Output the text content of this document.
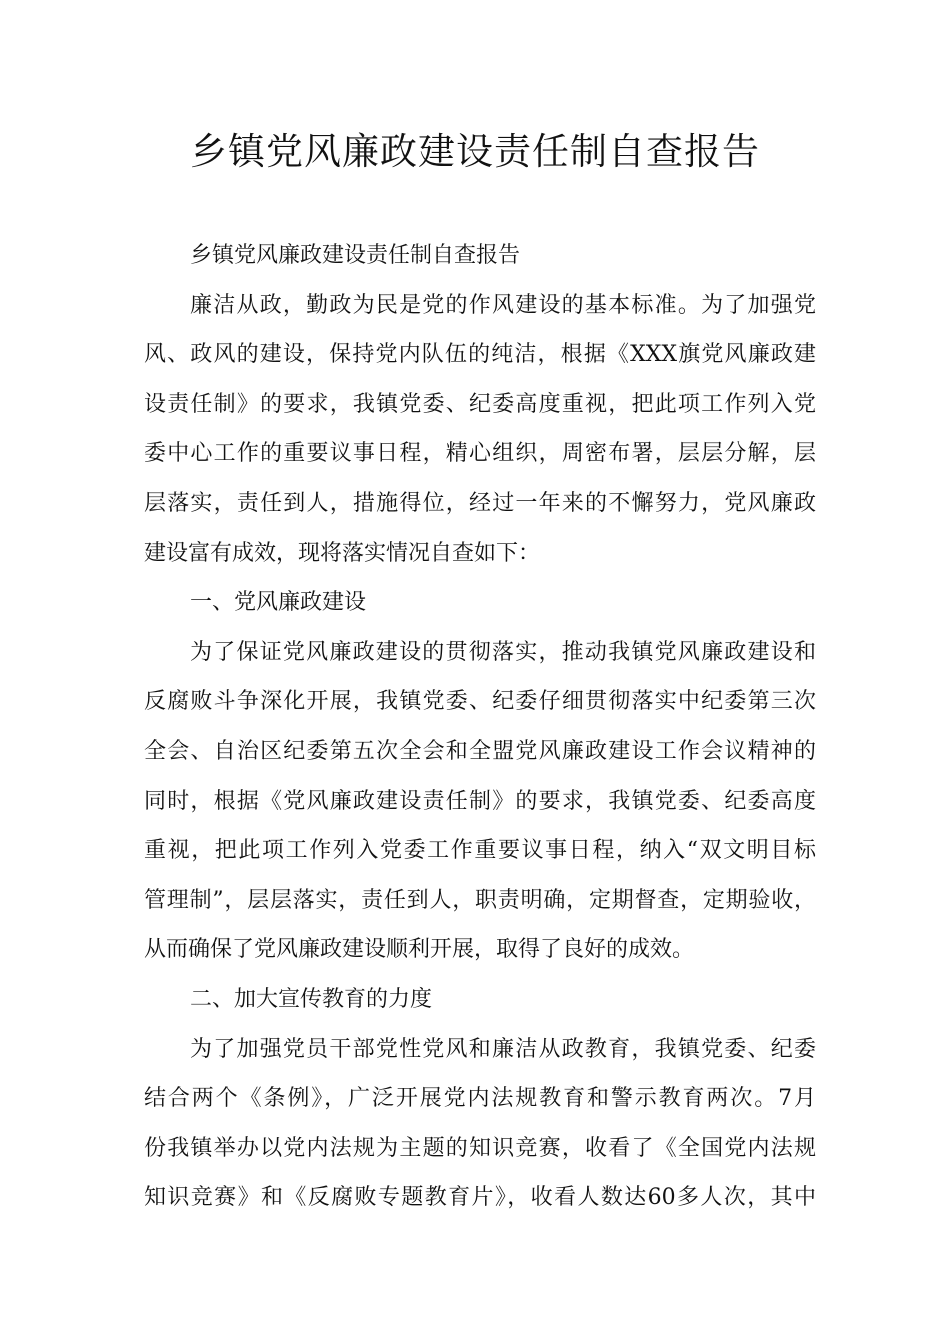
乡镇党风廉政建设责任制自查报告
乡镇党风廉政建设责任制自查报告
廉洁从政，勤政为民是党的作风建设的基本标准。为了加强党
风、政风的建设，保持党内队伍的纯洁，根据《XXX旗党风廉政建
设责任制》的要求，我镇党委、纪委高度重视，把此项工作列入党
委中心工作的重要议事日程，精心组织，周密布署，层层分解，层
层落实，责任到人，措施得位，经过一年来的不懈努力，党风廉政
建设富有成效，现将落实情况自查如下：
一、党风廉政建设
为了保证党风廉政建设的贯彻落实，推动我镇党风廉政建设和
反腐败斗争深化开展，我镇党委、纪委仔细贯彻落实中纪委第三次
全会、自治区纪委第五次全会和全盟党风廉政建设工作会议精神的
同时，根据《党风廉政建设责任制》的要求，我镇党委、纪委高度
重视，把此项工作列入党委工作重要议事日程，纳入“双文明目标
管理制”，层层落实，责任到人，职责明确，定期督查，定期验收，
从而确保了党风廉政建设顺利开展，取得了良好的成效。
二、加大宣传教育的力度
为了加强党员干部党性党风和廉洁从政教育，我镇党委、纪委
结合两个《条例》，广泛开展党内法规教育和警示教育两次。7月
份我镇举办以党内法规为主题的知识竞赛，收看了《全国党内法规
知识竞赛》和《反腐败专题教育片》，收看人数达60多人次，其中
